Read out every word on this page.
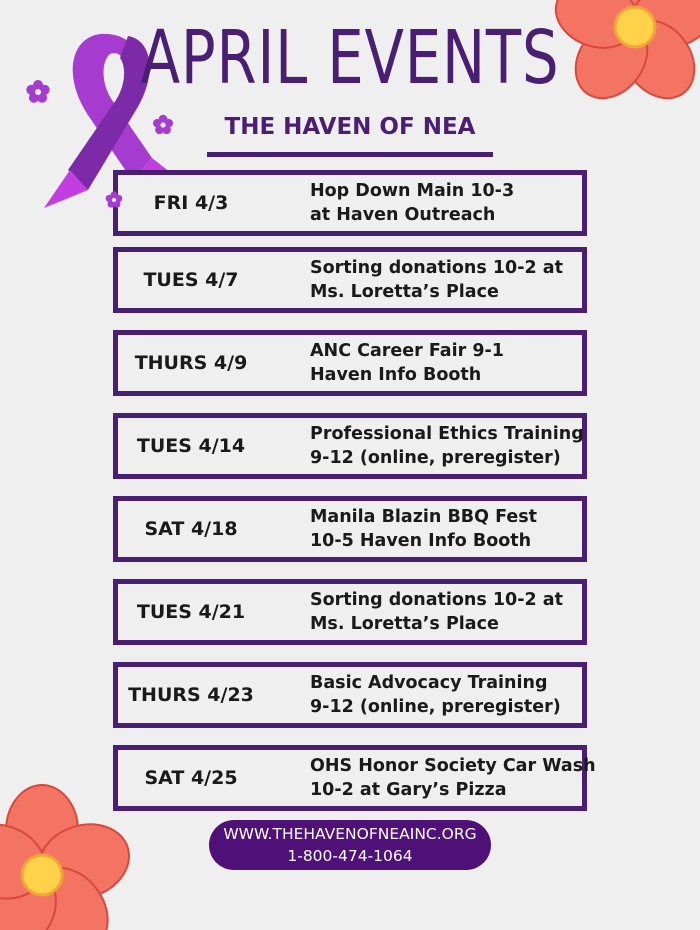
APRIL EVENTS
THE HAVEN OF NEA
FRI 4/3
Hop Down Main 10-3
at Haven Outreach
TUES 4/7
Sorting donations 10-2 at
Ms. Loretta’s Place
THURS 4/9
ANC Career Fair 9-1
Haven Info Booth
TUES 4/14
Professional Ethics Training
9-12 (online, preregister)
SAT 4/18
Manila Blazin BBQ Fest
10-5 Haven Info Booth
TUES 4/21
Sorting donations 10-2 at
Ms. Loretta’s Place
THURS 4/23
Basic Advocacy Training
9-12 (online, preregister)
SAT 4/25
OHS Honor Society Car Wash
10-2 at Gary’s Pizza
WWW.THEHAVENOFNEAINC.ORG
1-800-474-1064
